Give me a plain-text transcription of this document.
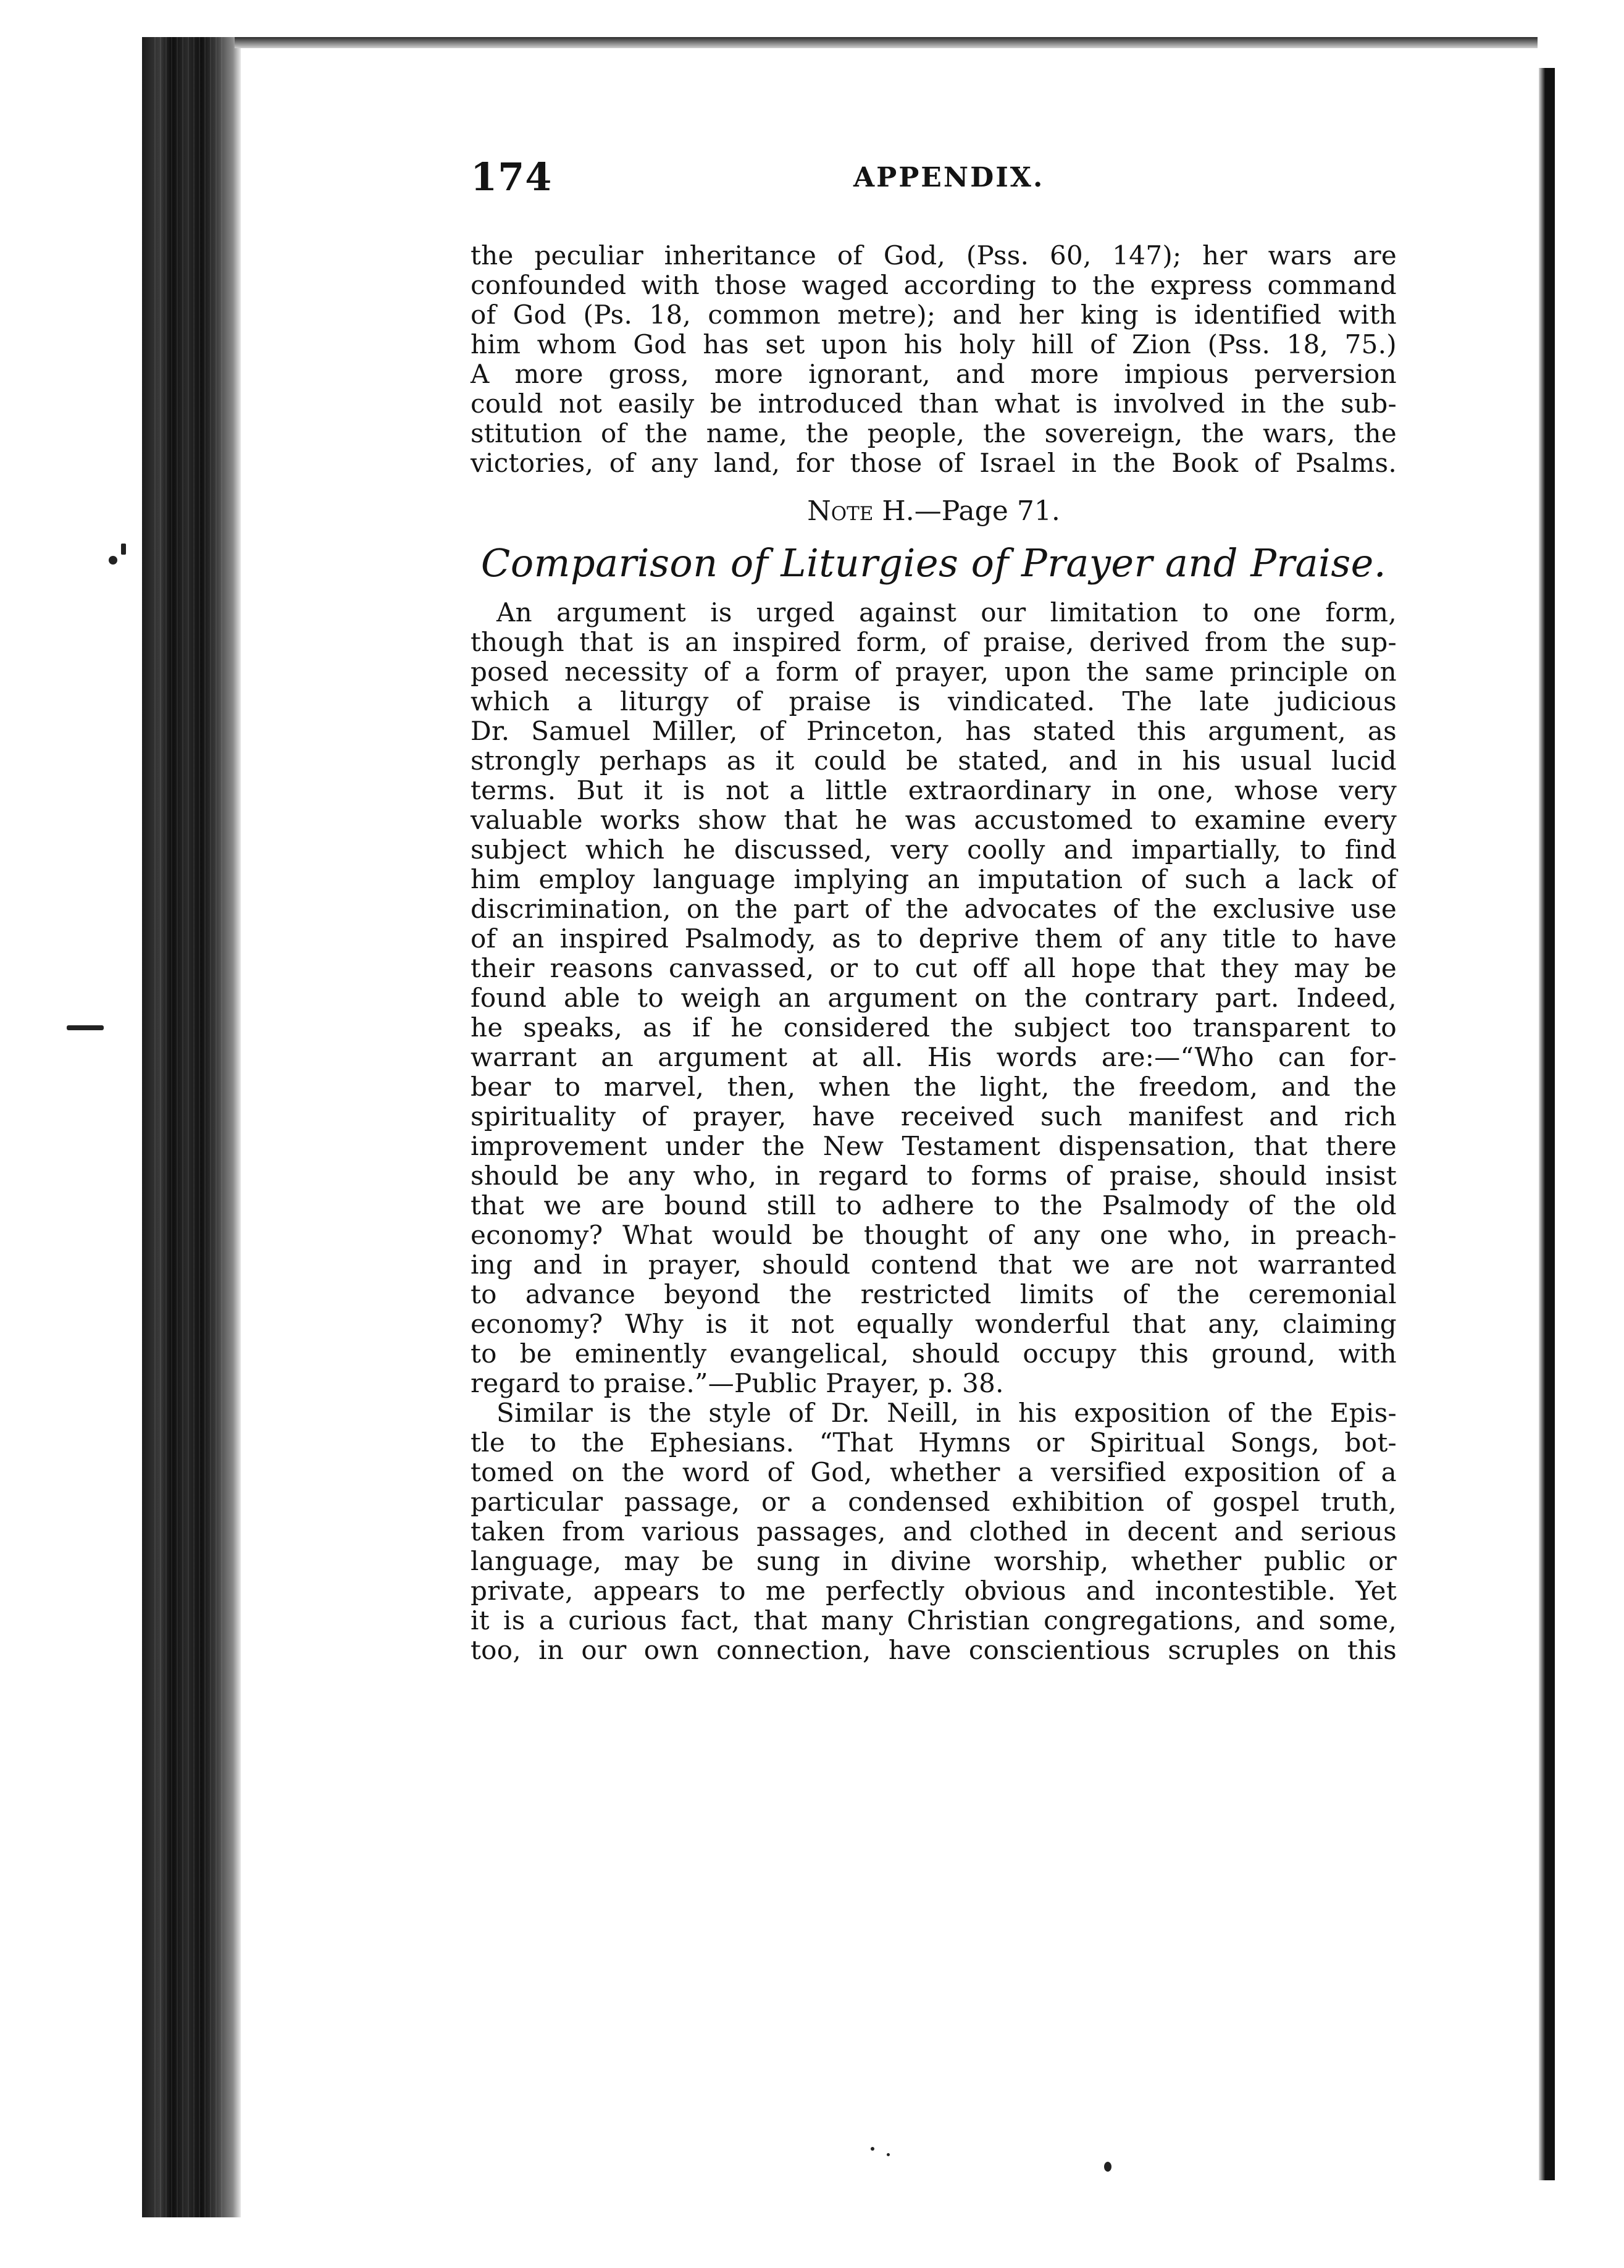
174	APPENDIX.
the peculiar inheritance of God, (Pss. 60, 147); her wars are
confounded with those waged according to the express command
of God (Ps. 18, common metre); and her king is identified with
him whom God has set upon his holy hill of Zion (Pss. 18, 75.)
A more gross, more ignorant, and more impious perversion
could not easily be introduced than what is involved in the sub-
stitution of the name, the people, the sovereign, the wars, the
victories, of any land, for those of Israel in the Book of Psalms.
Note H.—Page 71.
Comparison of Liturgies of Prayer and Praise.
An argument is urged against our limitation to one form,
though that is an inspired form, of praise, derived from the sup-
posed necessity of a form of prayer, upon the same principle on
which a liturgy of praise is vindicated. The late judicious
Dr. Samuel Miller, of Princeton, has stated this argument, as
strongly perhaps as it could be stated, and in his usual lucid
terms. But it is not a little extraordinary in one, whose very
valuable works show that he was accustomed to examine every
subject which he discussed, very coolly and impartially, to find
him employ language implying an imputation of such a lack of
discrimination, on the part of the advocates of the exclusive use
of an inspired Psalmody, as to deprive them of any title to have
their reasons canvassed, or to cut off all hope that they may be
found able to weigh an argument on the contrary part. Indeed,
he speaks, as if he considered the subject too transparent to
warrant an argument at all. His words are:—“Who can for-
bear to marvel, then, when the light, the freedom, and the
spirituality of prayer, have received such manifest and rich
improvement under the New Testament dispensation, that there
should be any who, in regard to forms of praise, should insist
that we are bound still to adhere to the Psalmody of the old
economy? What would be thought of any one who, in preach-
ing and in prayer, should contend that we are not warranted
to advance beyond the restricted limits of the ceremonial
economy? Why is it not equally wonderful that any, claiming
to be eminently evangelical, should occupy this ground, with
regard to praise.”—Public Prayer, p. 38.
Similar is the style of Dr. Neill, in his exposition of the Epis-
tle to the Ephesians. “That Hymns or Spiritual Songs, bot-
tomed on the word of God, whether a versified exposition of a
particular passage, or a condensed exhibition of gospel truth,
taken from various passages, and clothed in decent and serious
language, may be sung in divine worship, whether public or
private, appears to me perfectly obvious and incontestible. Yet
it is a curious fact, that many Christian congregations, and some,
too, in our own connection, have conscientious scruples on this
